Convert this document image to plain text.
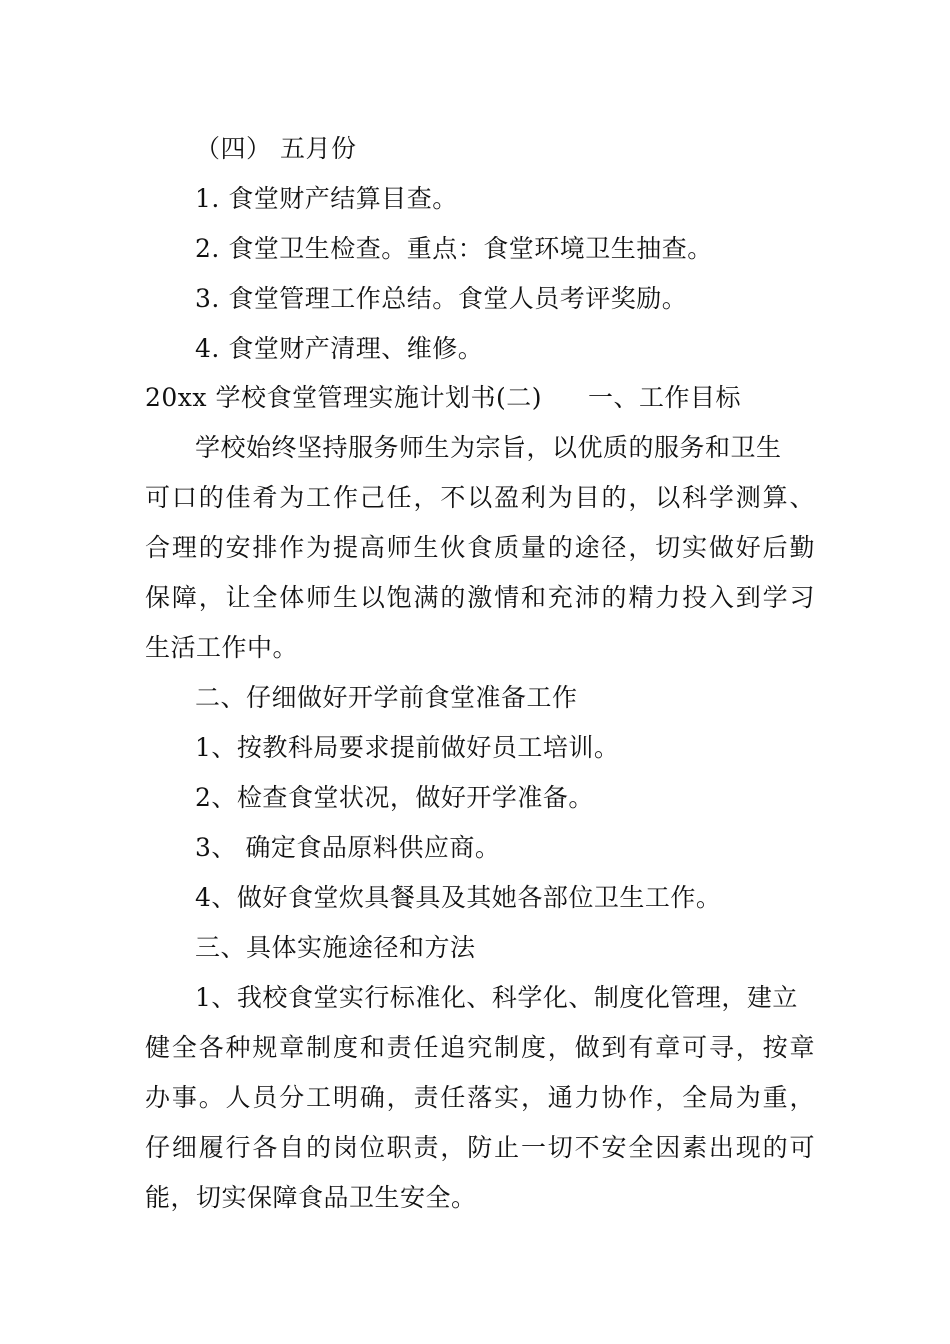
（四） 五月份
1. 食堂财产结算目查。
2. 食堂卫生检查。重点：食堂环境卫生抽查。
3. 食堂管理工作总结。食堂人员考评奖励。
4. 食堂财产清理、维修。
20xx 学校食堂管理实施计划书(二) 一、工作目标
学校始终坚持服务师生为宗旨，以优质的服务和卫生
可口的佳肴为工作己任，不以盈利为目的，以科学测算、
合理的安排作为提高师生伙食质量的途径，切实做好后勤
保障，让全体师生以饱满的激情和充沛的精力投入到学习
生活工作中。
二、仔细做好开学前食堂准备工作
1、按教科局要求提前做好员工培训。
2、检查食堂状况，做好开学准备。
3、 确定食品原料供应商。
4、做好食堂炊具餐具及其她各部位卫生工作。
三、具体实施途径和方法
1、我校食堂实行标准化、科学化、制度化管理，建立
健全各种规章制度和责任追究制度，做到有章可寻，按章
办事。人员分工明确，责任落实，通力协作，全局为重，
仔细履行各自的岗位职责，防止一切不安全因素出现的可
能，切实保障食品卫生安全。
